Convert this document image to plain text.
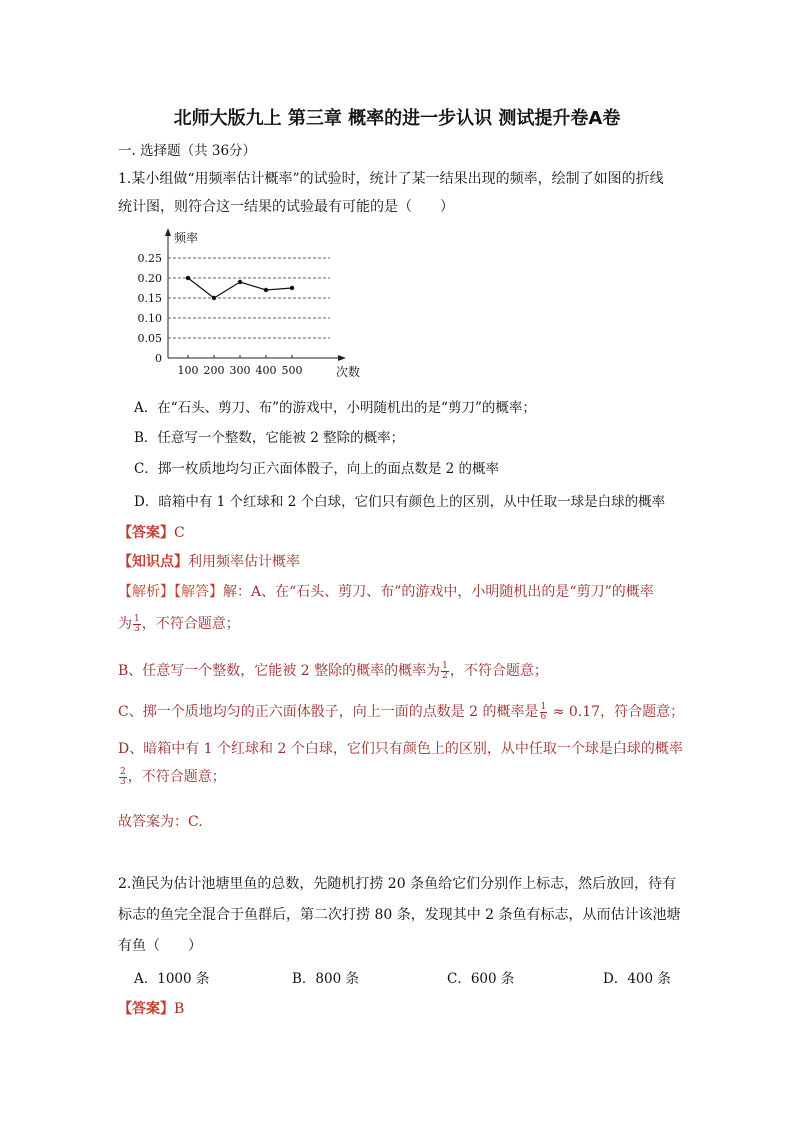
北师大版九上 第三章 概率的进一步认识 测试提升卷A卷
一. 选择题（共 36分）
1.某小组做“用频率估计概率”的试验时，统计了某一结果出现的频率，绘制了如图的折线
统计图，则符合这一结果的试验最有可能的是（　　）
0
0.05
0.10
0.15
0.20
0.25
100 200 300 400 500
频率
次数
A．在“石头、剪刀、布”的游戏中，小明随机出的是“剪刀”的概率；
B．任意写一个整数，它能被 2 整除的概率；
C．掷一枚质地均匀正六面体骰子，向上的面点数是 2 的概率
D．暗箱中有 1 个红球和 2 个白球，它们只有颜色上的区别，从中任取一球是白球的概率
【答案】C
【知识点】利用频率估计概率
【解析】【解答】解：A、在“石头、剪刀、布”的游戏中，小明随机出的是“剪刀”的概率
为 $\frac{1}{3}$ ，不符合题意；
B、任意写一个整数，它能被 2 整除的概率的概率为 $\frac{1}{2}$ ，不符合题意；
C、掷一个质地均匀的正六面体骰子，向上一面的点数是 2 的概率是 $\frac{1}{6} \approx 0.17$，符合题意；
D、暗箱中有 1 个红球和 2 个白球，它们只有颜色上的区别，从中任取一个球是白球的概率
$\frac{2}{3}$ ，不符合题意；
故答案为：C.
2.渔民为估计池塘里鱼的总数，先随机打捞 20 条鱼给它们分别作上标志，然后放回，待有
标志的鱼完全混合于鱼群后，第二次打捞 80 条，发现其中 2 条鱼有标志，从而估计该池塘
有鱼（　　）
A．1000 条	B．800 条	C．600 条	D．400 条
【答案】B
